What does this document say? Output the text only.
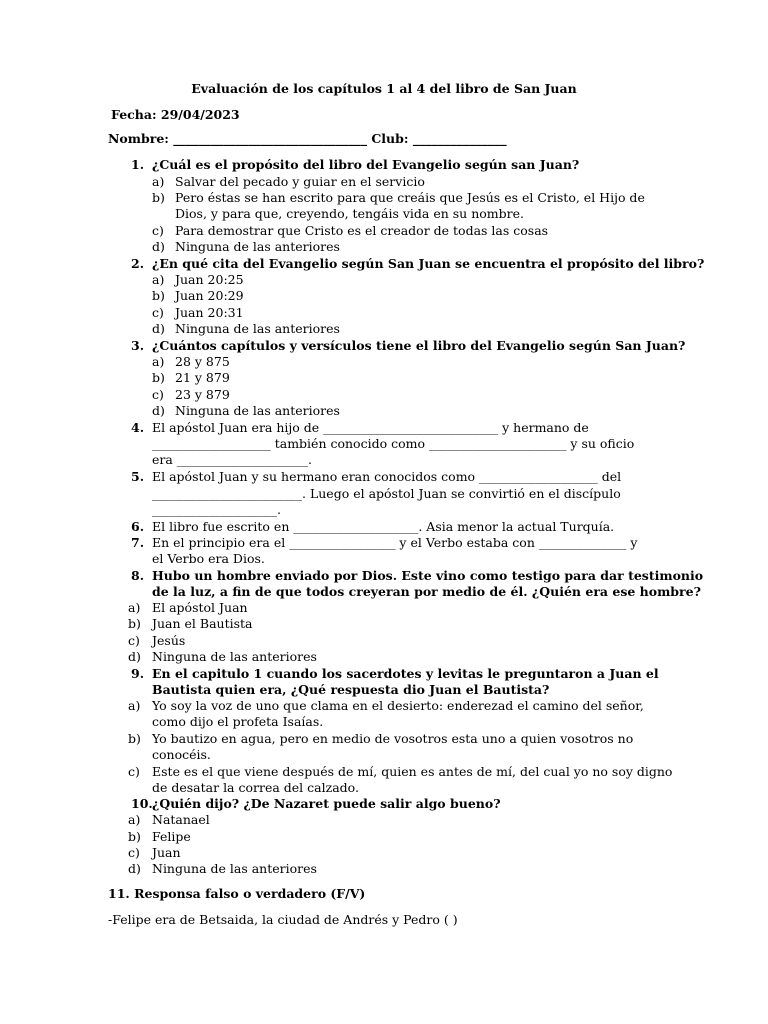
Evaluación de los capítulos 1 al 4 del libro de San Juan
Fecha: 29/04/2023
Nombre: _______________________________ Club: _______________
1. ¿Cuál es el propósito del libro del Evangelio según san Juan?
a) Salvar del pecado y guiar en el servicio
b) Pero éstas se han escrito para que creáis que Jesús es el Cristo, el Hijo de
Dios, y para que, creyendo, tengáis vida en su nombre.
c) Para demostrar que Cristo es el creador de todas las cosas
d) Ninguna de las anteriores
2. ¿En qué cita del Evangelio según San Juan se encuentra el propósito del libro?
a) Juan 20:25
b) Juan 20:29
c) Juan 20:31
d) Ninguna de las anteriores
3. ¿Cuántos capítulos y versículos tiene el libro del Evangelio según San Juan?
a) 28 y 875
b) 21 y 879
c) 23 y 879
d) Ninguna de las anteriores
4. El apóstol Juan era hijo de ____________________________ y hermano de
___________________ también conocido como ______________________ y su oficio
era _____________________.
5. El apóstol Juan y su hermano eran conocidos como ___________________ del
________________________. Luego el apóstol Juan se convirtió en el discípulo
____________________.
6. El libro fue escrito en ____________________. Asia menor la actual Turquía.
7. En el principio era el _________________ y el Verbo estaba con ______________ y
el Verbo era Dios.
8. Hubo un hombre enviado por Dios. Este vino como testigo para dar testimonio
de la luz, a fin de que todos creyeran por medio de él. ¿Quién era ese hombre?
a) El apóstol Juan
b) Juan el Bautista
c) Jesús
d) Ninguna de las anteriores
9. En el capitulo 1 cuando los sacerdotes y levitas le preguntaron a Juan el
Bautista quien era, ¿Qué respuesta dio Juan el Bautista?
a) Yo soy la voz de uno que clama en el desierto: enderezad el camino del señor,
como dijo el profeta Isaías.
b) Yo bautizo en agua, pero en medio de vosotros esta uno a quien vosotros no
conocéis.
c) Este es el que viene después de mí, quien es antes de mí, del cual yo no soy digno
de desatar la correa del calzado.
10. ¿Quién dijo? ¿De Nazaret puede salir algo bueno?
a) Natanael
b) Felipe
c) Juan
d) Ninguna de las anteriores
11. Responsa falso o verdadero (F/V)
-Felipe era de Betsaida, la ciudad de Andrés y Pedro ( )
